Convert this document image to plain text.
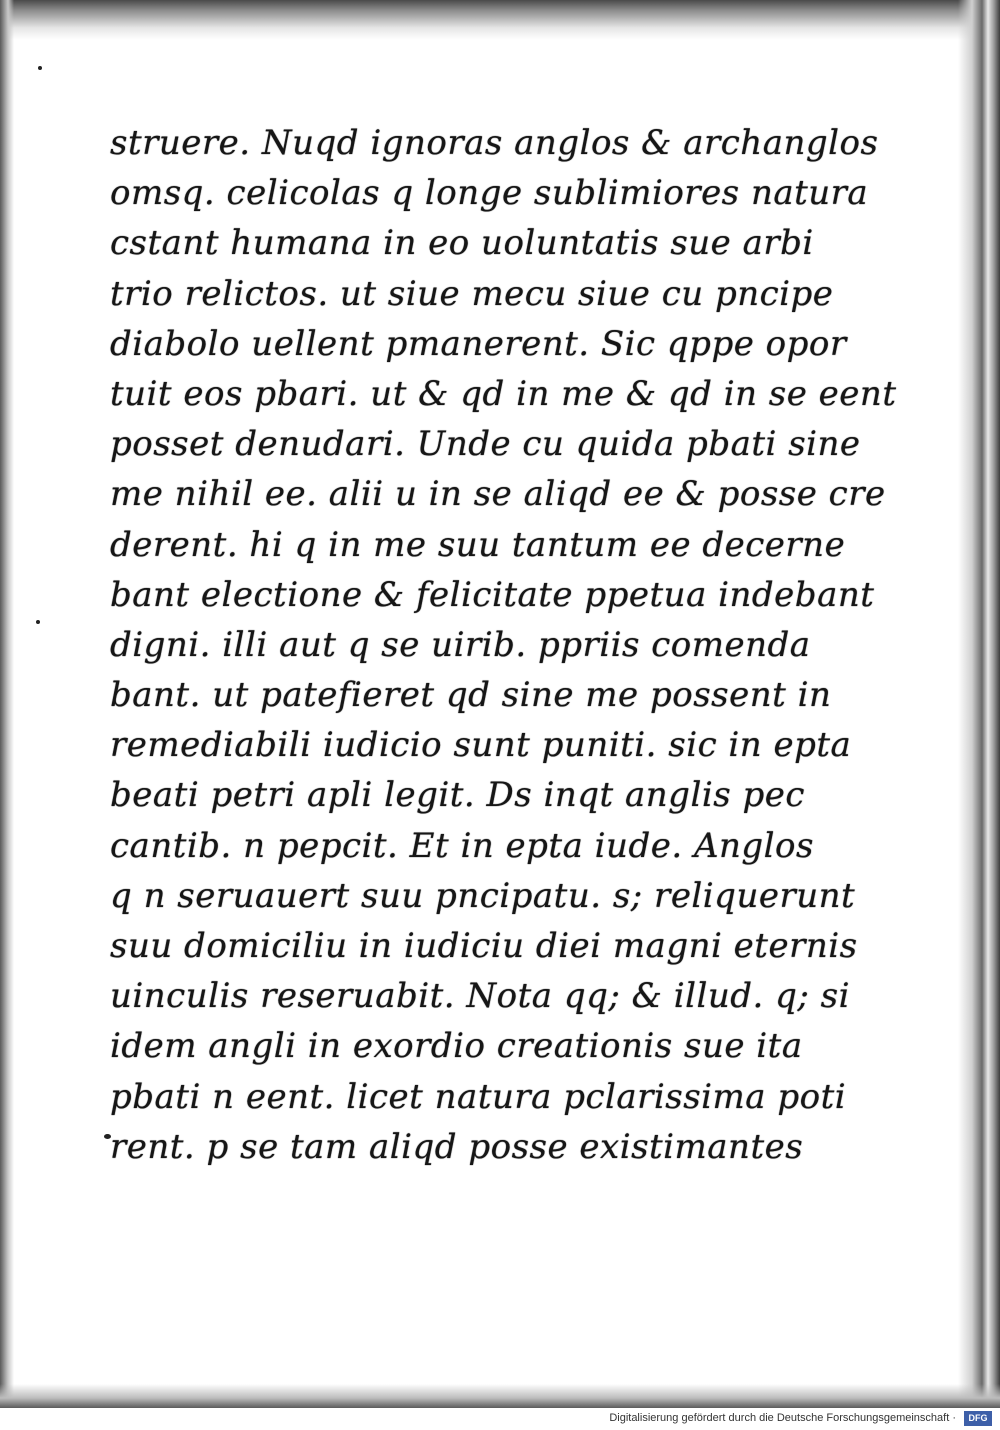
struere. Nuqd ignoras anglos & archanglos
omsq. celicolas q longe sublimiores natura
cstant humana in eo uoluntatis sue arbi
trio relictos. ut siue mecu siue cu pncipe
diabolo uellent pmanerent. Sic qppe opor
tuit eos pbari. ut & qd in me & qd in se eent
posset denudari. Unde cu quida pbati sine
me nihil ee. alii u in se aliqd ee & posse cre
derent. hi q in me suu tantum ee decerne
bant electione & felicitate ppetua indebant
digni. illi aut q se uirib. ppriis comenda
bant. ut patefieret qd sine me possent in
remediabili iudicio sunt puniti. sic in epta
beati petri apli legit. Ds inqt anglis pec
cantib. n pepcit. Et in epta iude. Anglos
q n seruauert suu pncipatu. s; reliquerunt
suu domiciliu in iudiciu diei magni eternis
uinculis reseruabit. Nota qq; & illud. q; si
idem angli in exordio creationis sue ita
pbati n eent. licet natura pclarissima poti
rent. p se tam aliqd posse existimantes
Digitalisierung gefördert durch die Deutsche Forschungsgemeinschaft ·	DFG
